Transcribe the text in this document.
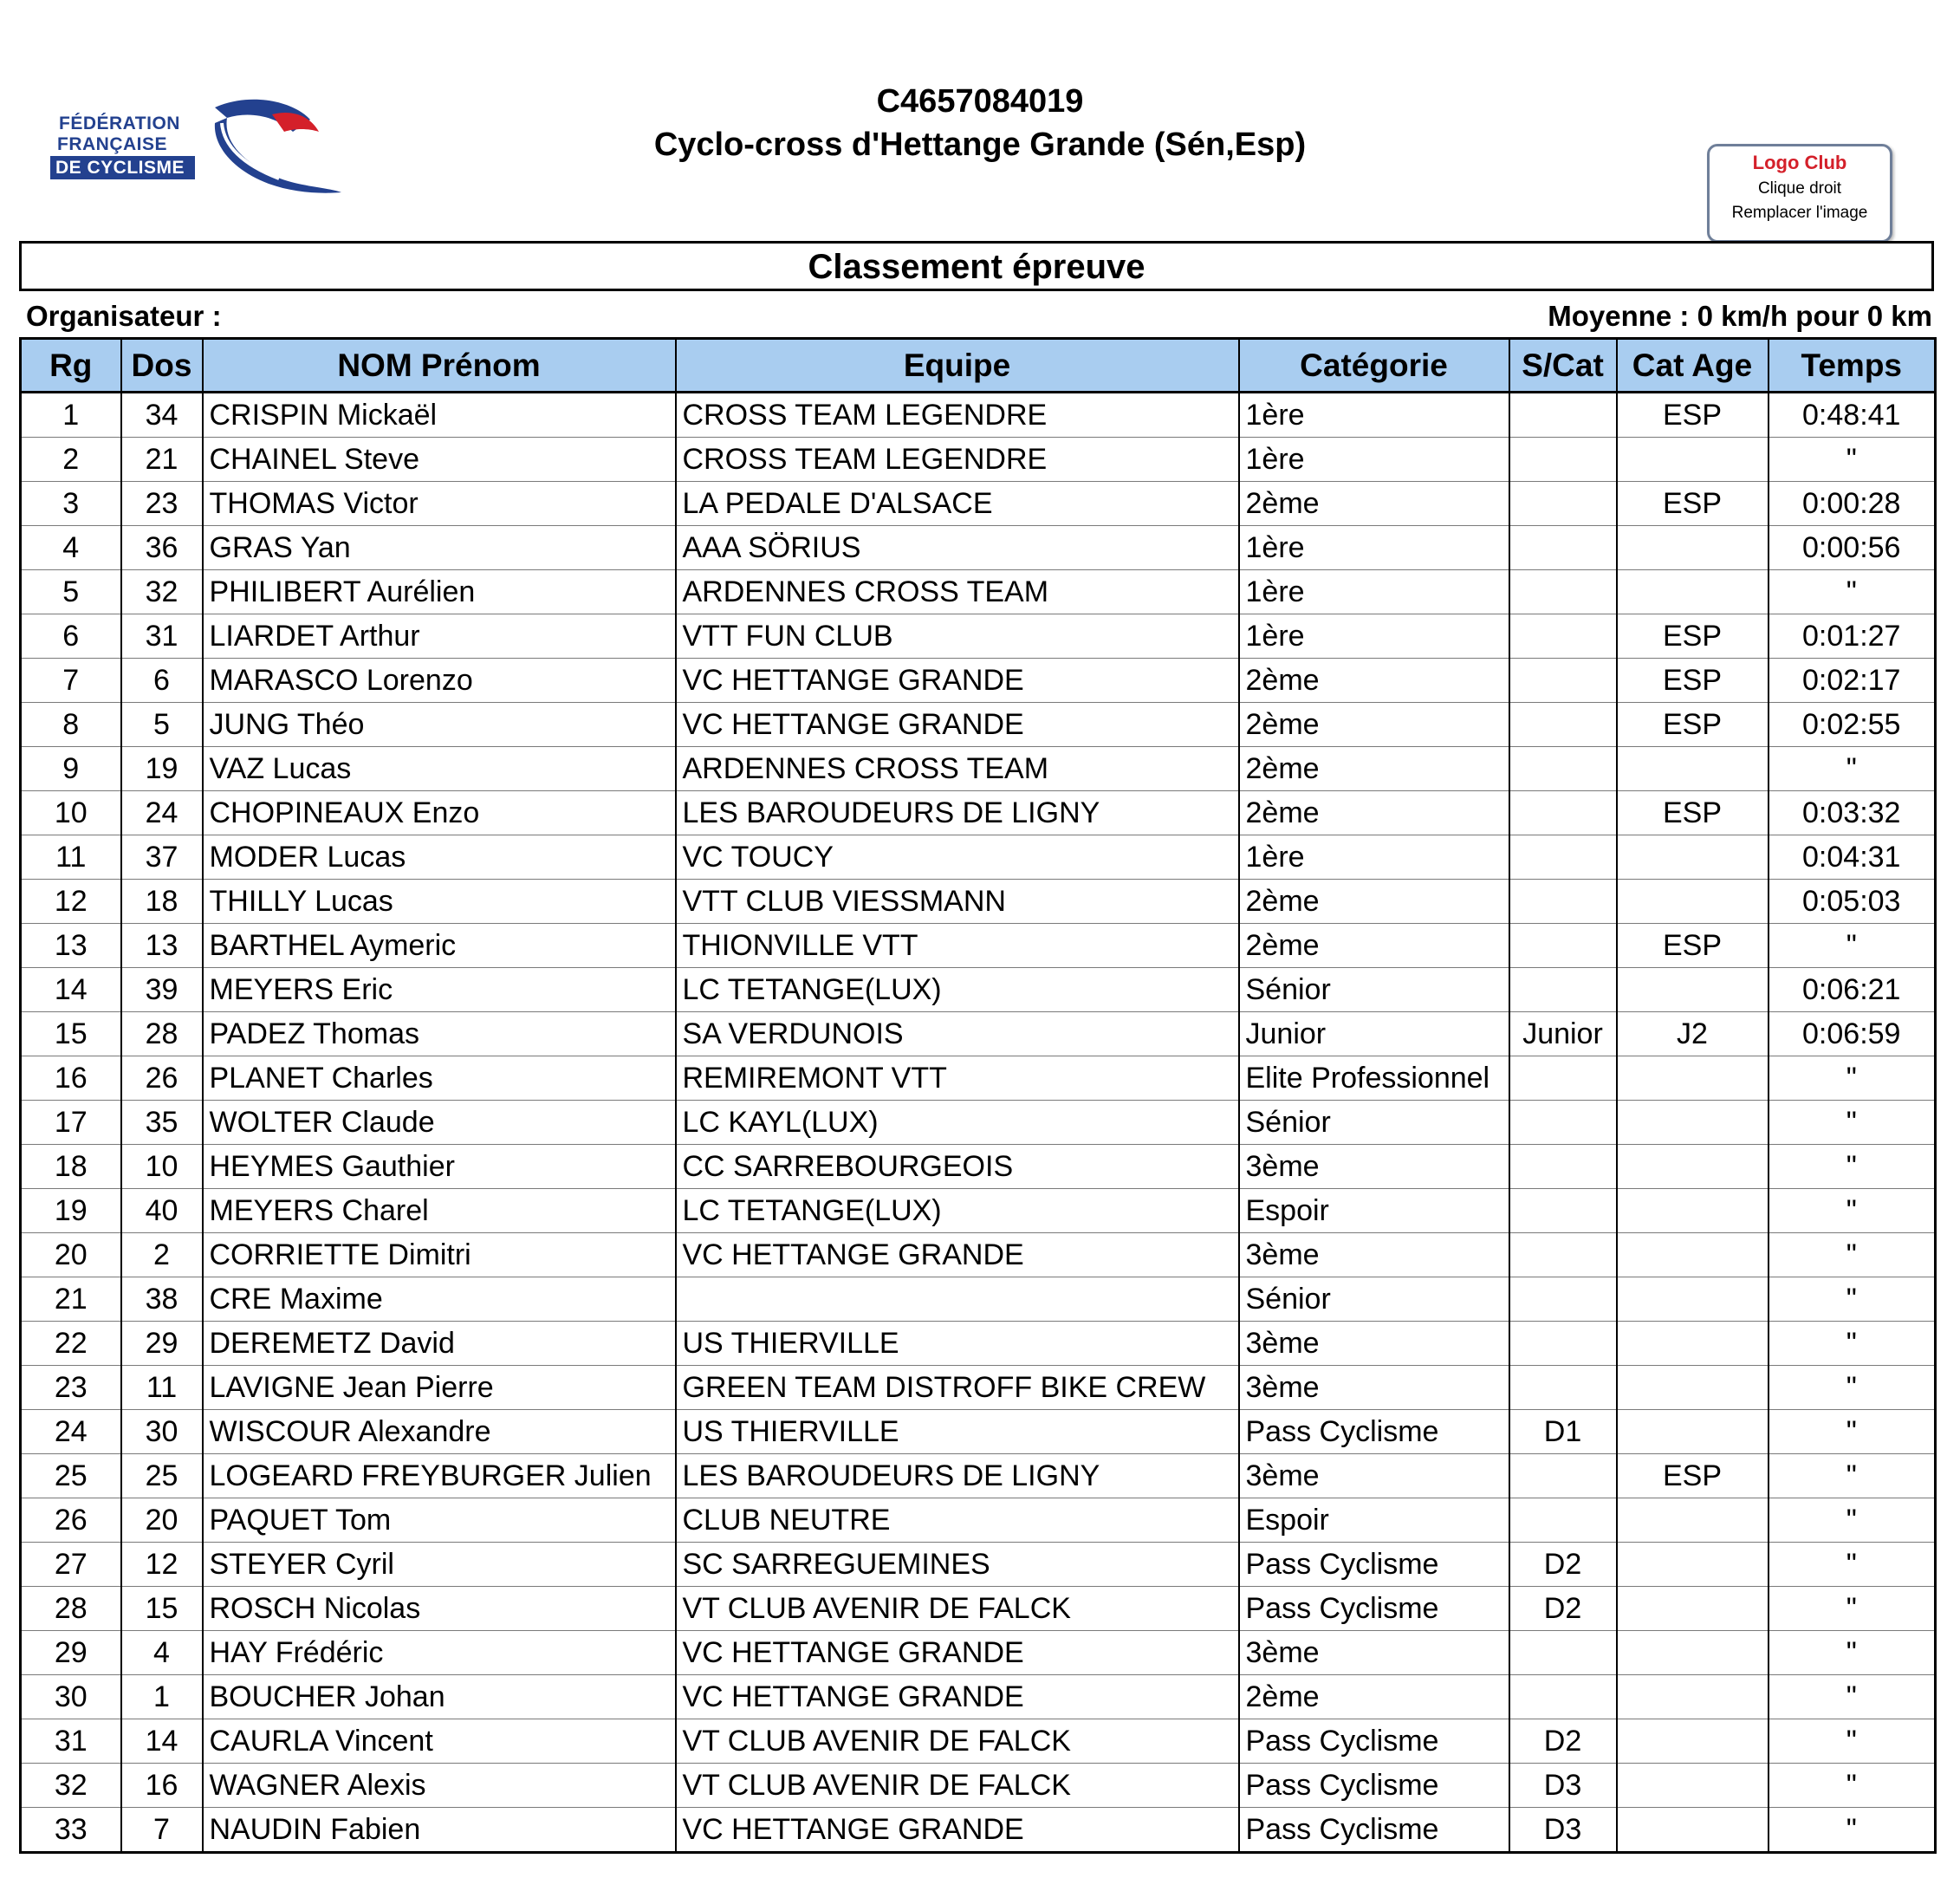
FÉDÉRATION
FRANÇAISE
DE CYCLISME
C4657084019
Cyclo-cross d'Hettange Grande (Sén,Esp)	Logo Club
Clique droit
Remplacer l'image
Classement épreuve
Organisateur :	Moyenne : 0 km/h pour 0 km
Rg	Dos	NOM Prénom	Equipe	Catégorie	S/Cat	Cat Age	Temps
1	34	CRISPIN Mickaël	CROSS TEAM LEGENDRE	1ère		ESP	0:48:41
2	21	CHAINEL Steve	CROSS TEAM LEGENDRE	1ère			"
3	23	THOMAS Victor	LA PEDALE D'ALSACE	2ème		ESP	0:00:28
4	36	GRAS Yan	AAA SÖRIUS	1ère			0:00:56
5	32	PHILIBERT Aurélien	ARDENNES CROSS TEAM	1ère			"
6	31	LIARDET Arthur	VTT FUN CLUB	1ère		ESP	0:01:27
7	6	MARASCO Lorenzo	VC HETTANGE GRANDE	2ème		ESP	0:02:17
8	5	JUNG Théo	VC HETTANGE GRANDE	2ème		ESP	0:02:55
9	19	VAZ Lucas	ARDENNES CROSS TEAM	2ème			"
10	24	CHOPINEAUX Enzo	LES BAROUDEURS DE LIGNY	2ème		ESP	0:03:32
11	37	MODER Lucas	VC TOUCY	1ère			0:04:31
12	18	THILLY Lucas	VTT CLUB VIESSMANN	2ème			0:05:03
13	13	BARTHEL Aymeric	THIONVILLE VTT	2ème		ESP	"
14	39	MEYERS Eric	LC TETANGE(LUX)	Sénior			0:06:21
15	28	PADEZ Thomas	SA VERDUNOIS	Junior	Junior	J2	0:06:59
16	26	PLANET Charles	REMIREMONT VTT	Elite Professionnel			"
17	35	WOLTER Claude	LC KAYL(LUX)	Sénior			"
18	10	HEYMES Gauthier	CC SARREBOURGEOIS	3ème			"
19	40	MEYERS Charel	LC TETANGE(LUX)	Espoir			"
20	2	CORRIETTE Dimitri	VC HETTANGE GRANDE	3ème			"
21	38	CRE Maxime		Sénior			"
22	29	DEREMETZ David	US THIERVILLE	3ème			"
23	11	LAVIGNE Jean Pierre	GREEN TEAM DISTROFF BIKE CREW	3ème			"
24	30	WISCOUR Alexandre	US THIERVILLE	Pass Cyclisme	D1		"
25	25	LOGEARD FREYBURGER Julien	LES BAROUDEURS DE LIGNY	3ème		ESP	"
26	20	PAQUET Tom	CLUB NEUTRE	Espoir			"
27	12	STEYER Cyril	SC SARREGUEMINES	Pass Cyclisme	D2		"
28	15	ROSCH Nicolas	VT CLUB AVENIR DE FALCK	Pass Cyclisme	D2		"
29	4	HAY Frédéric	VC HETTANGE GRANDE	3ème			"
30	1	BOUCHER Johan	VC HETTANGE GRANDE	2ème			"
31	14	CAURLA Vincent	VT CLUB AVENIR DE FALCK	Pass Cyclisme	D2		"
32	16	WAGNER Alexis	VT CLUB AVENIR DE FALCK	Pass Cyclisme	D3		"
33	7	NAUDIN Fabien	VC HETTANGE GRANDE	Pass Cyclisme	D3		"
